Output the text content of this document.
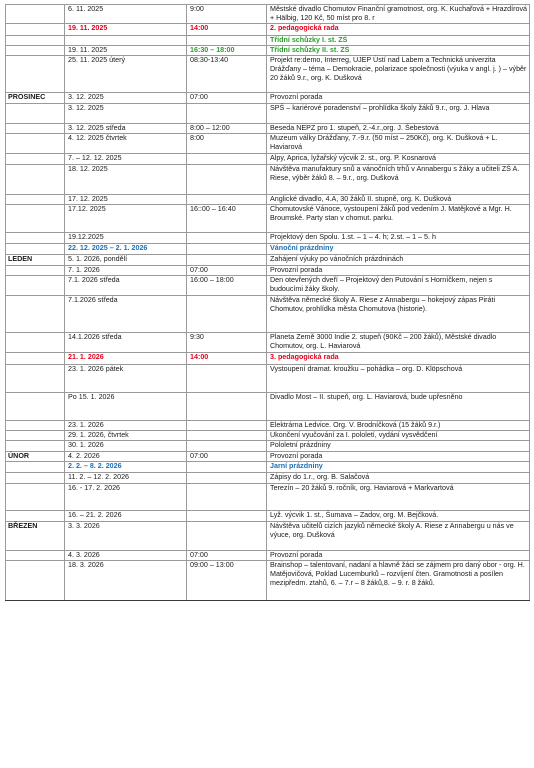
	6. 11. 2025	9:00	Městské divadlo Chomutov Finanční gramotnost, org. K. Kuchařová + Hrazdírová + Hälbig, 120 Kč, 50 míst pro 8. r
	19. 11. 2025	14:00	2. pedagogická rada
			Třídní schůzky I. st. ZŠ
	19. 11. 2025	16:30 – 18:00	Třídní schůzky II. st. ZŠ
	25. 11. 2025 úterý	08:30-13:40	Projekt re:demo, Interreg, UJEP Ústí nad Labem a Technická univerzita Drážďany – téma – Demokracie, polarizace společnosti (výuka v angl. j. ) – výběr 20 žáků 9.r., org. K. Dušková
PROSINEC	3. 12. 2025	07:00	Provozní porada
	3. 12. 2025		SPŠ – kariérové poradenství – prohlídka školy žáků 9.r., org. J. Hlava
	3. 12. 2025 středa	8:00 – 12:00	Beseda NEPZ pro 1. stupeň, 2.-4.r.,org. J. Šebestová
	4. 12. 2025 čtvrtek	8:00	Muzeum války Drážďany, 7.-9.r. (50 míst – 250Kč), org. K. Dušková + L. Haviarová
	7. – 12. 12. 2025		Alpy, Aprica, lyžařský výcvik 2. st., org. P. Kosnarová
	18. 12. 2025		Návštěva manufaktury snů a vánočních trhů v Annabergu s žáky a učiteli ZŠ A. Riese, výběr žáků 8. – 9.r., org. Dušková
	17. 12. 2025		Anglické divadlo, 4.A, 30 žáků II. stupně, org. K. Dušková
	17.12. 2025	16::00 – 16:40	Chomutovské Vánoce, vystoupení žáků pod vedením J. Matějkové a Mgr. H. Broumské. Party stan v chomut. parku.
	19.12.2025		Projektový den Spolu. 1.st. – 1 – 4. h; 2.st. – 1 – 5. h
	22. 12. 2025 – 2. 1. 2026		Vánoční prázdniny
LEDEN	5. 1. 2026, pondělí		Zahájení výuky po vánočních prázdninách
	7. 1. 2026	07:00	Provozní porada
	7.1. 2026 středa	16:00 – 18:00	Den otevřených dveří – Projektový den Putování s Horníčkem, nejen s budoucími žáky školy.
	7.1.2026 středa		Návštěva německé školy A. Riese z Annabergu – hokejový zápas Piráti Chomutov, prohlídka města Chomutova (historie).
	14.1.2026 středa	9:30	Planeta Země 3000 Indie 2. stupeň (90Kč – 200 žáků), Městské divadlo Chomutov, org. L. Haviarová
	21. 1. 2026	14:00	3. pedagogická rada
	23. 1. 2026 pátek		Vystoupení dramat. kroužku – pohádka – org. D. Klöpschová
	Po 15. 1. 2026		Divadlo Most – II. stupeň, org. L. Haviarová, bude upřesněno
	23. 1. 2026		Elektrárna Ledvice. Org. V. Brodníčková (15 žáků 9.r.)
	29. 1. 2026, čtvrtek		Ukončení vyučování za I. pololetí, vydání vysvědčení
	30. 1. 2026		Pololetní prázdniny
ÚNOR	4. 2. 2026	07:00	Provozní porada
	2. 2. – 8. 2. 2026		Jarní prázdniny
	11. 2. – 12. 2. 2026		Zápisy do 1.r., org. B. Salačová
	16. - 17. 2. 2026		Terezín – 20 žáků 9. ročník, org. Haviarová + Markvartová
	16. – 21. 2. 2026		Lyž. výcvik 1. st., Šumava – Zadov, org. M. Bejčková.
BŘEZEN	3. 3. 2026		Návštěva učitelů cizích jazyků německé školy A. Riese z Annabergu u nás ve výuce, org. Dušková
	4. 3. 2026	07:00	Provozní porada
	18. 3. 2026	09:00 – 13:00	Brainshop – talentovaní, nadaní a hlavně žáci se zájmem pro daný obor - org. H. Matějovičová, Poklad Lucemburků – rozvíjení čten. Gramotnosti a posílen mezipředm. ztahů, 6. – 7.r – 8 žáků,8. – 9. r. 8 žáků.
